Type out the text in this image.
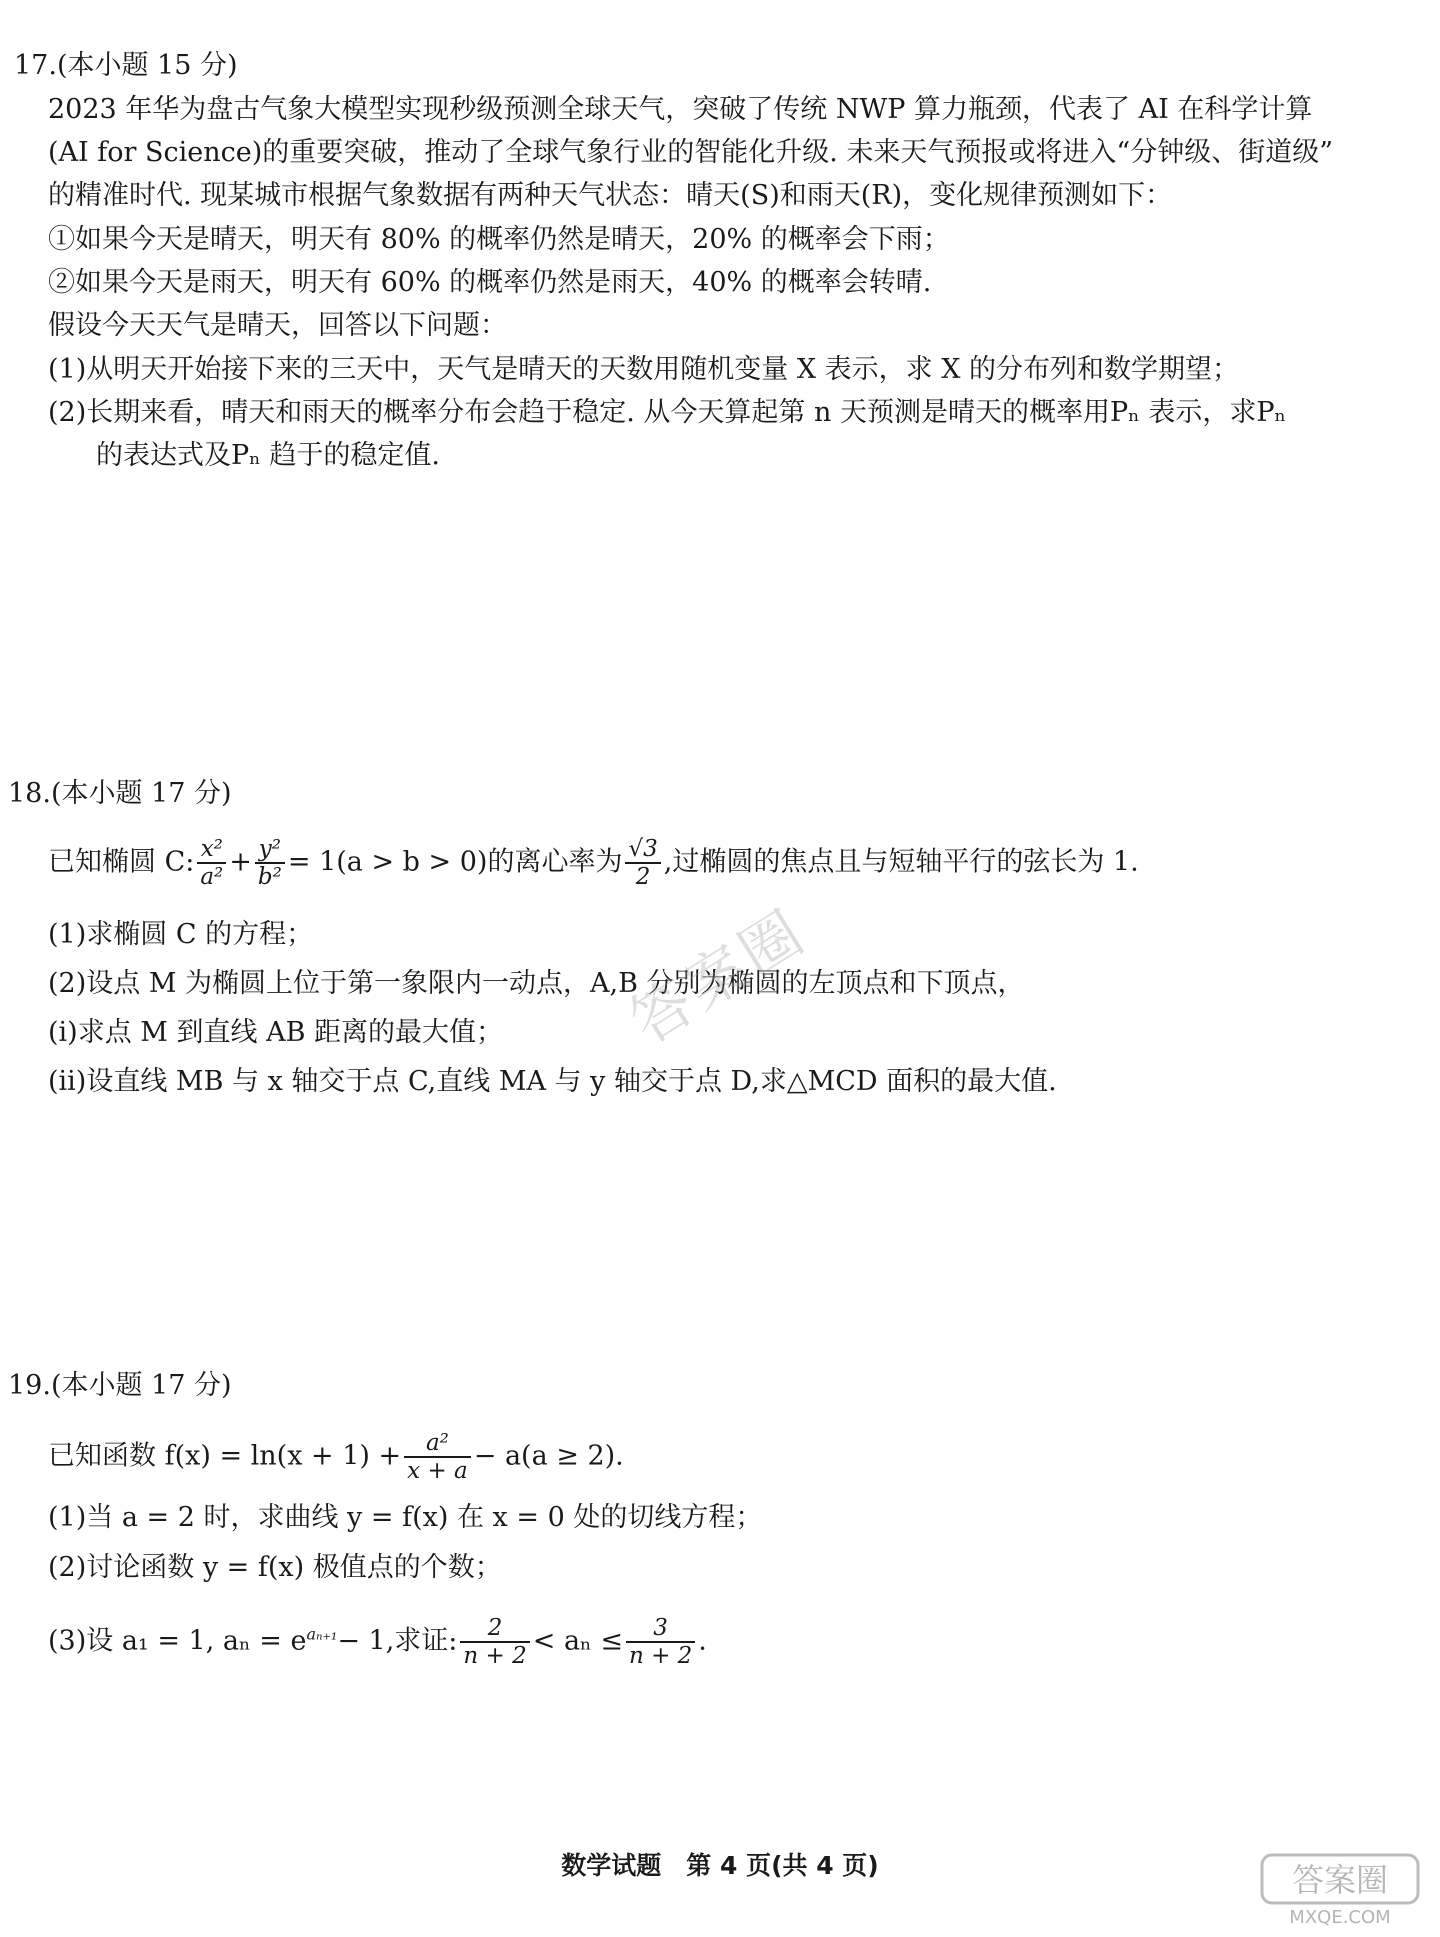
17.(本小题 15 分)
2023 年华为盘古气象大模型实现秒级预测全球天气，突破了传统 NWP 算力瓶颈，代表了 AI 在科学计算
(AI for Science)的重要突破，推动了全球气象行业的智能化升级. 未来天气预报或将进入“分钟级、街道级”
的精准时代. 现某城市根据气象数据有两种天气状态：晴天(S)和雨天(R)，变化规律预测如下：
①如果今天是晴天，明天有 80% 的概率仍然是晴天，20% 的概率会下雨；
②如果今天是雨天，明天有 60% 的概率仍然是雨天，40% 的概率会转晴.
假设今天天气是晴天，回答以下问题：
(1)从明天开始接下来的三天中，天气是晴天的天数用随机变量 X 表示，求 X 的分布列和数学期望；
(2)长期来看，晴天和雨天的概率分布会趋于稳定. 从今天算起第 n 天预测是晴天的概率用Pₙ 表示，求Pₙ
的表达式及Pₙ 趋于的稳定值.
18.(本小题 17 分)
已知椭圆 C: $\frac{\text{x²}}{\text{a²}} + \frac{\text{y²}}{\text{b²}} = 1(a > b > 0)$的离心率为 $\frac{√3}{2}$ ,过椭圆的焦点且与短轴平行的弦长为 1.
(1)求椭圆 C 的方程；
(2)设点 M 为椭圆上位于第一象限内一动点，A,B 分别为椭圆的左顶点和下顶点，
(ⅰ)求点 M 到直线 AB 距离的最大值；
(ⅱ)设直线 MB 与 x 轴交于点 C,直线 MA 与 y 轴交于点 D,求△MCD 面积的最大值.
19.(本小题 17 分)
已知函数 $f(x) = \ln(x + 1) + \frac{\text{a²}}{x + a} - a(a \ge 2)$.
(1)当 a = 2 时，求曲线 y = f(x) 在 x = 0 处的切线方程；
(2)讨论函数 y = f(x) 极值点的个数；
(3)设 a₁ = 1, $a_n = e^{a_{n+1}}- 1$,求证: $\frac{2}{n + 2} < a_n \le \frac{3}{n + 2}$ .
数学试题　第 4 页(共 4 页)
答案圈
答案圈
MXQE.COM
